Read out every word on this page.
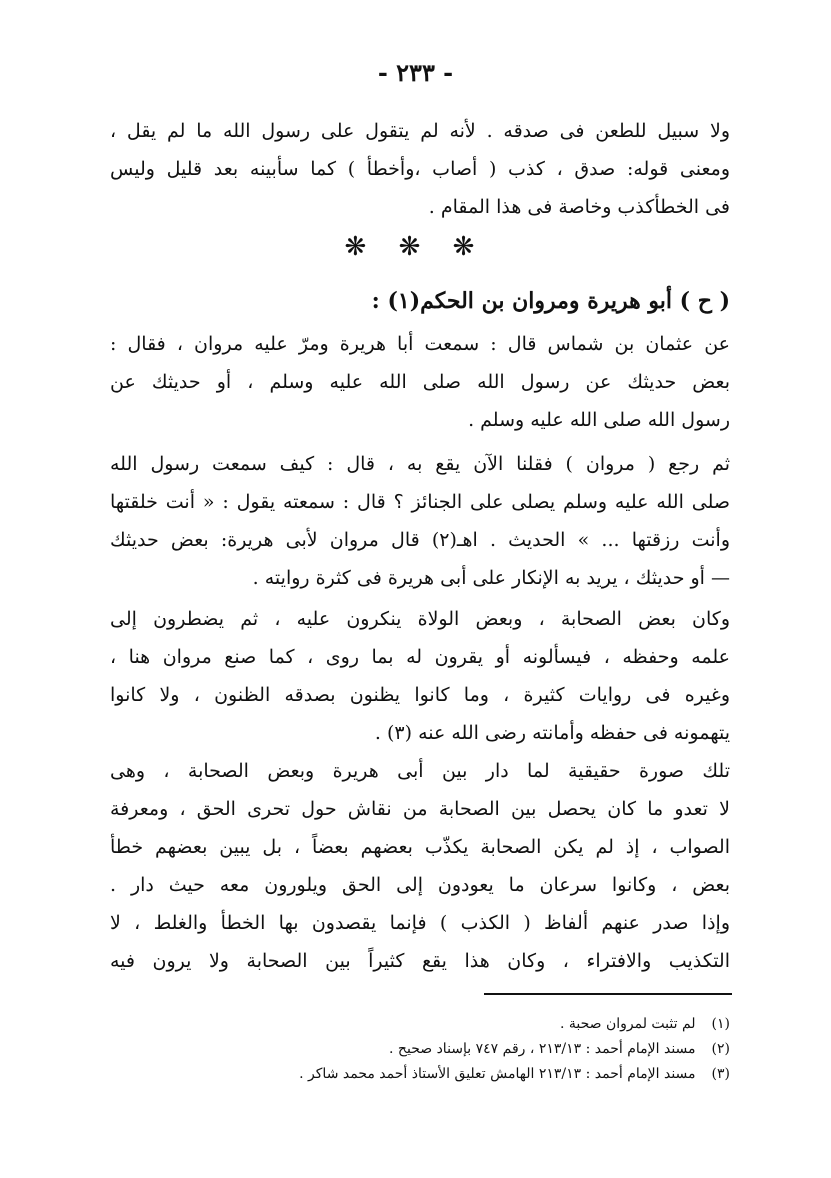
- ٢٣٣ -
ولا سبيل للطعن فى صدقه . لأنه لم يتقول على رسول الله ما لم يقل ،
ومعنى قوله: صدق ، كذب ( أصاب ،وأخطأ ) كما سأبينه بعد قليل وليس
فى الخطأكذب وخاصة فى هذا المقام .
❋ ❋ ❋
( ح ) أبو هريرة ومروان بن الحكم(١) :
عن عثمان بن شماس قال : سمعت أبا هريرة ومرّ عليه مروان ، فقال :
بعض حديثك عن رسول الله صلى الله عليه وسلم ، أو حديثك عن
رسول الله صلى الله عليه وسلم .
ثم رجع ( مروان ) فقلنا الآن يقع به ، قال : كيف سمعت رسول الله
صلى الله عليه وسلم يصلى على الجنائز ؟ قال : سمعته يقول : « أنت خلقتها
وأنت رزقتها ... » الحديث . اهـ(٢) قال مروان لأبى هريرة: بعض حديثك
— أو حديثك ، يريد به الإنكار على أبى هريرة فى كثرة روايته .
وكان بعض الصحابة ، وبعض الولاة ينكرون عليه ، ثم يضطرون إلى
علمه وحفظه ، فيسألونه أو يقرون له بما روى ، كما صنع مروان هنا ،
وغيره فى روايات كثيرة ، وما كانوا يظنون بصدقه الظنون ، ولا كانوا
يتهمونه فى حفظه وأمانته رضى الله عنه (٣) .
تلك صورة حقيقية لما دار بين أبى هريرة وبعض الصحابة ، وهى
لا تعدو ما كان يحصل بين الصحابة من نقاش حول تحرى الحق ، ومعرفة
الصواب ، إذ لم يكن الصحابة يكذّب بعضهم بعضاً ، بل يبين بعضهم خطأ
بعض ، وكانوا سرعان ما يعودون إلى الحق ويلورون معه حيث دار .
وإذا صدر عنهم ألفاظ ( الكذب ) فإنما يقصدون بها الخطأ والغلط ، لا
التكذيب والافتراء ، وكان هذا يقع كثيراً بين الصحابة ولا يرون فيه
(١) لم تثبت لمروان صحبة .
(٢) مسند الإمام أحمد : ٢١٣/١٣ ، رقم ٧٤٧ بإسناد صحيح .
(٣) مسند الإمام أحمد : ٢١٣/١٣ الهامش تعليق الأستاذ أحمد محمد شاكر .
